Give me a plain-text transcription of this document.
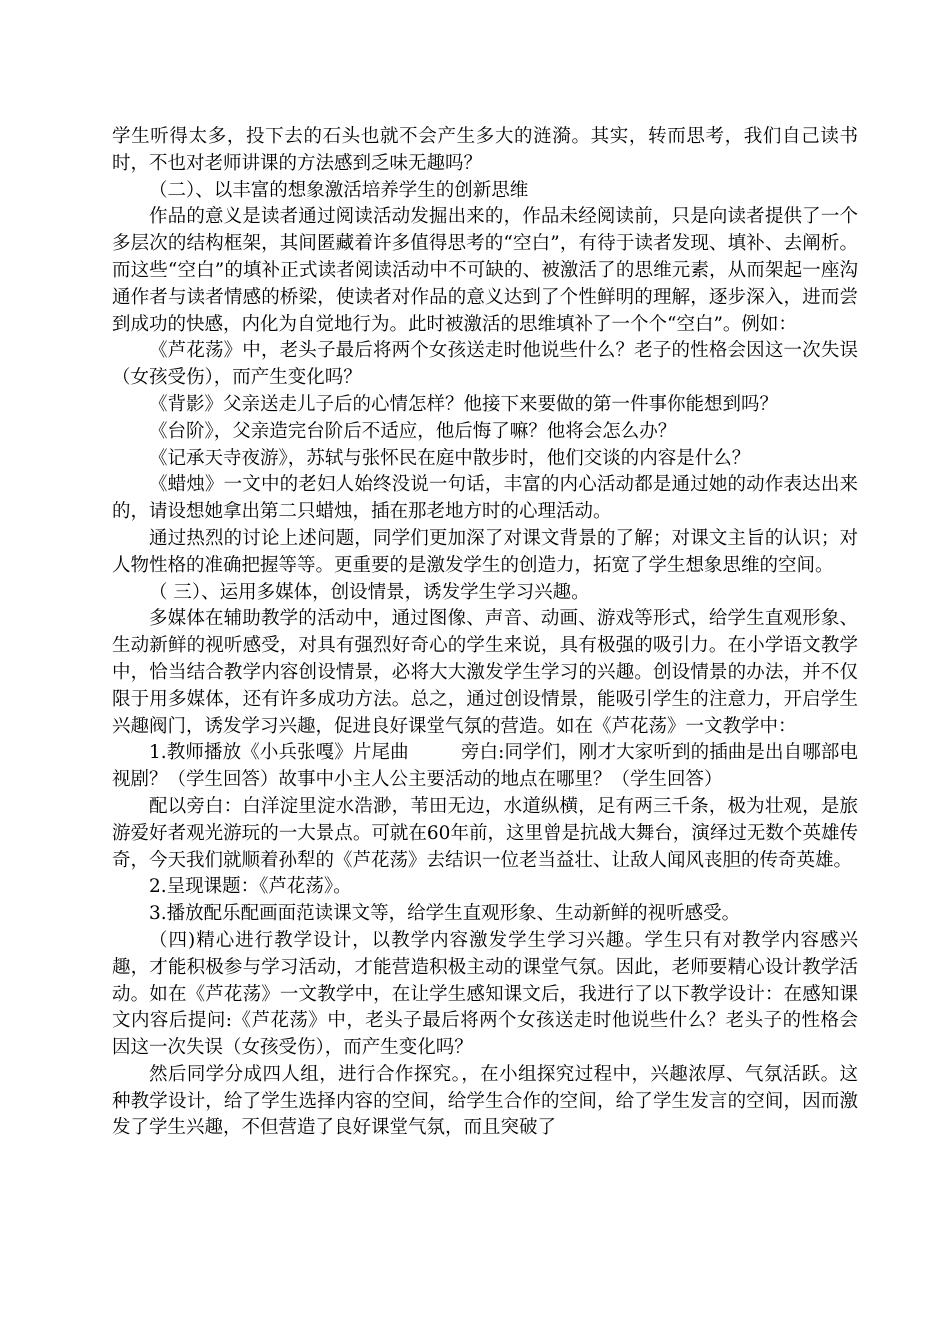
学生听得太多，投下去的石头也就不会产生多大的涟漪。其实，转而思考，我们自己读书时，不也对老师讲课的方法感到乏味无趣吗？

（二）、以丰富的想象激活培养学生的创新思维

作品的意义是读者通过阅读活动发掘出来的，作品未经阅读前，只是向读者提供了一个多层次的结构框架，其间匿藏着许多值得思考的“空白”，有待于读者发现、填补、去阐析。而这些“空白”的填补正式读者阅读活动中不可缺的、被激活了的思维元素，从而架起一座沟通作者与读者情感的桥梁，使读者对作品的意义达到了个性鲜明的理解，逐步深入，进而尝到成功的快感，内化为自觉地行为。此时被激活的思维填补了一个个“空白”。例如：

《芦花荡》中，老头子最后将两个女孩送走时他说些什么？老子的性格会因这一次失误（女孩受伤），而产生变化吗？

《背影》父亲送走儿子后的心情怎样？他接下来要做的第一件事你能想到吗？

《台阶》，父亲造完台阶后不适应，他后悔了嘛？他将会怎么办？

《记承天寺夜游》，苏轼与张怀民在庭中散步时，他们交谈的内容是什么？

《蜡烛》一文中的老妇人始终没说一句话，丰富的内心活动都是通过她的动作表达出来的，请设想她拿出第二只蜡烛，插在那老地方时的心理活动。

通过热烈的讨论上述问题，同学们更加深了对课文背景的了解；对课文主旨的认识；对人物性格的准确把握等等。更重要的是激发学生的创造力，拓宽了学生想象思维的空间。

（ 三）、运用多媒体，创设情景，诱发学生学习兴趣。

多媒体在辅助教学的活动中，通过图像、声音、动画、游戏等形式，给学生直观形象、生动新鲜的视听感受，对具有强烈好奇心的学生来说，具有极强的吸引力。在小学语文教学中，恰当结合教学内容创设情景，必将大大激发学生学习的兴趣。创设情景的办法，并不仅限于用多媒体，还有许多成功方法。总之，通过创设情景，能吸引学生的注意力，开启学生兴趣阀门，诱发学习兴趣，促进良好课堂气氛的营造。如在《芦花荡》一文教学中：

1.教师播放《小兵张嘎》片尾曲	旁白:同学们，刚才大家听到的插曲是出自哪部电视剧？（学生回答）故事中小主人公主要活动的地点在哪里？（学生回答）

配以旁白：白洋淀里淀水浩渺，苇田无边，水道纵横，足有两三千条，极为壮观，是旅游爱好者观光游玩的一大景点。可就在60年前，这里曾是抗战大舞台，演绎过无数个英雄传奇，今天我们就顺着孙犁的《芦花荡》去结识一位老当益壮、让敌人闻风丧胆的传奇英雄。

2.呈现课题：《芦花荡》。

3.播放配乐配画面范读课文等，给学生直观形象、生动新鲜的视听感受。

（四)精心进行教学设计，以教学内容激发学生学习兴趣。学生只有对教学内容感兴趣，才能积极参与学习活动，才能营造积极主动的课堂气氛。因此，老师要精心设计教学活动。如在《芦花荡》一文教学中，在让学生感知课文后，我进行了以下教学设计：在感知课文内容后提问:《芦花荡》中，老头子最后将两个女孩送走时他说些什么？老头子的性格会因这一次失误（女孩受伤），而产生变化吗？

然后同学分成四人组，进行合作探究。，在小组探究过程中，兴趣浓厚、气氛活跃。这种教学设计，给了学生选择内容的空间，给学生合作的空间，给了学生发言的空间，因而激发了学生兴趣，不但营造了良好课堂气氛，而且突破了
